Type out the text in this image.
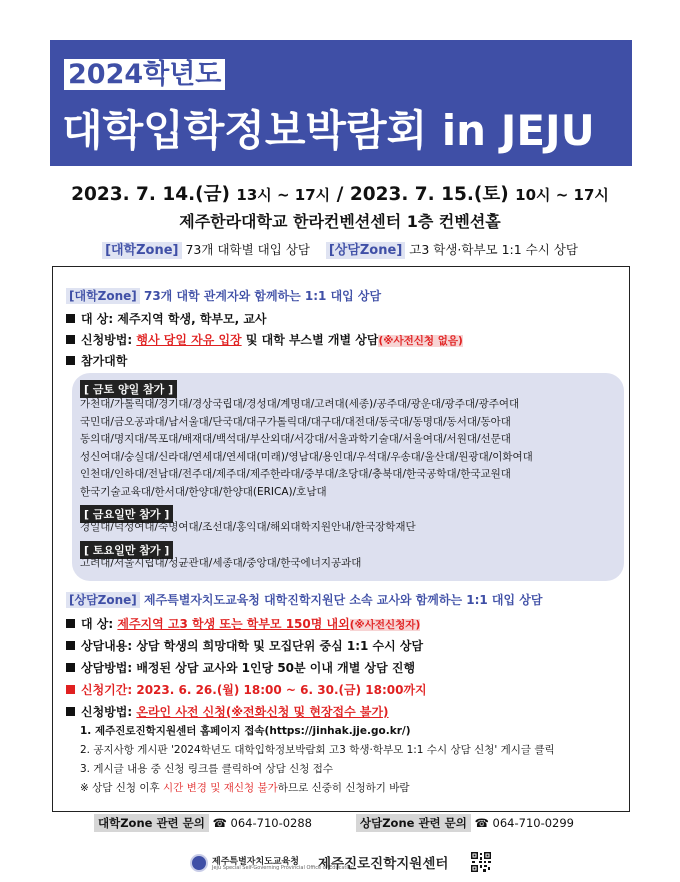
2024학년도
대학입학정보박람회 in JEJU
2023. 7. 14.(금) 13시 ~ 17시 / 2023. 7. 15.(토) 10시 ~ 17시
제주한라대학교 한라컨벤션센터 1층 컨벤션홀
[대학Zone] 73개 대학별 대입 상담 [상담Zone] 고3 학생·학부모 1:1 수시 상담
[대학Zone] 73개 대학 관계자와 함께하는 1:1 대입 상담
대 상: 제주지역 학생, 학부모, 교사
신청방법: 행사 당일 자유 입장 및 대학 부스별 개별 상담(※사전신청 없음)
참가대학
[ 금토 양일 참가 ]
가천대/가톨릭대/경기대/경상국립대/경성대/계명대/고려대(세종)/공주대/광운대/광주대/광주여대
국민대/금오공과대/남서울대/단국대/대구가톨릭대/대구대/대전대/동국대/동명대/동서대/동아대
동의대/명지대/목포대/배재대/백석대/부산외대/서강대/서울과학기술대/서울여대/서원대/선문대
성신여대/숭실대/신라대/연세대/연세대(미래)/영남대/용인대/우석대/우송대/울산대/원광대/이화여대
인천대/인하대/전남대/전주대/제주대/제주한라대/중부대/초당대/충북대/한국공학대/한국교원대
한국기술교육대/한서대/한양대/한양대(ERICA)/호남대
[ 금요일만 참가 ]
경일대/덕성여대/숙명여대/조선대/홍익대/해외대학지원안내/한국장학재단
[ 토요일만 참가 ]
고려대/서울시립대/성균관대/세종대/중앙대/한국에너지공과대
[상담Zone] 제주특별자치도교육청 대학진학지원단 소속 교사와 함께하는 1:1 대입 상담
대 상: 제주지역 고3 학생 또는 학부모 150명 내외(※사전신청자)
상담내용: 상담 학생의 희망대학 및 모집단위 중심 1:1 수시 상담
상담방법: 배정된 상담 교사와 1인당 50분 이내 개별 상담 진행
신청기간: 2023. 6. 26.(월) 18:00 ~ 6. 30.(금) 18:00까지
신청방법: 온라인 사전 신청(※전화신청 및 현장접수 불가)
1. 제주진로진학지원센터 홈페이지 접속(https://jinhak.jje.go.kr/)
2. 공지사항 게시판 '2024학년도 대학입학정보박람회 고3 학생·학부모 1:1 수시 상담 신청' 게시글 클릭
3. 게시글 내용 중 신청 링크를 클릭하여 상담 신청 접수
※ 상담 신청 이후 시간 변경 및 재신청 불가하므로 신중히 신청하기 바람
대학Zone 관련 문의 ☎ 064-710-0288	상담Zone 관련 문의 ☎ 064-710-0299
제주특별자치도교육청
Jeju Special Self-Governing Provincial Office of Education
제주진로진학지원센터
